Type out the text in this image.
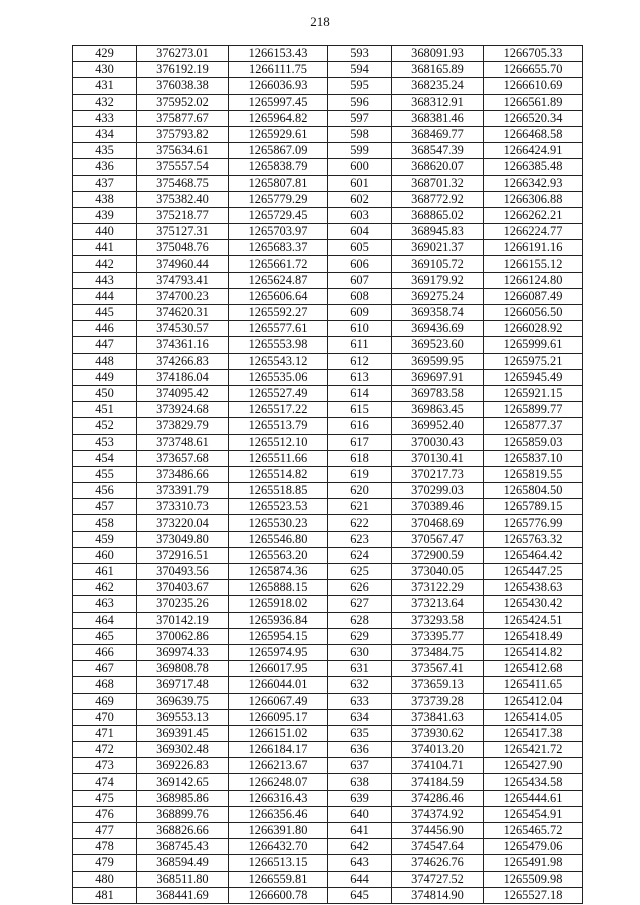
218
429	376273.01	1266153.43	593	368091.93	1266705.33
430	376192.19	1266111.75	594	368165.89	1266655.70
431	376038.38	1266036.93	595	368235.24	1266610.69
432	375952.02	1265997.45	596	368312.91	1266561.89
433	375877.67	1265964.82	597	368381.46	1266520.34
434	375793.82	1265929.61	598	368469.77	1266468.58
435	375634.61	1265867.09	599	368547.39	1266424.91
436	375557.54	1265838.79	600	368620.07	1266385.48
437	375468.75	1265807.81	601	368701.32	1266342.93
438	375382.40	1265779.29	602	368772.92	1266306.88
439	375218.77	1265729.45	603	368865.02	1266262.21
440	375127.31	1265703.97	604	368945.83	1266224.77
441	375048.76	1265683.37	605	369021.37	1266191.16
442	374960.44	1265661.72	606	369105.72	1266155.12
443	374793.41	1265624.87	607	369179.92	1266124.80
444	374700.23	1265606.64	608	369275.24	1266087.49
445	374620.31	1265592.27	609	369358.74	1266056.50
446	374530.57	1265577.61	610	369436.69	1266028.92
447	374361.16	1265553.98	611	369523.60	1265999.61
448	374266.83	1265543.12	612	369599.95	1265975.21
449	374186.04	1265535.06	613	369697.91	1265945.49
450	374095.42	1265527.49	614	369783.58	1265921.15
451	373924.68	1265517.22	615	369863.45	1265899.77
452	373829.79	1265513.79	616	369952.40	1265877.37
453	373748.61	1265512.10	617	370030.43	1265859.03
454	373657.68	1265511.66	618	370130.41	1265837.10
455	373486.66	1265514.82	619	370217.73	1265819.55
456	373391.79	1265518.85	620	370299.03	1265804.50
457	373310.73	1265523.53	621	370389.46	1265789.15
458	373220.04	1265530.23	622	370468.69	1265776.99
459	373049.80	1265546.80	623	370567.47	1265763.32
460	372916.51	1265563.20	624	372900.59	1265464.42
461	370493.56	1265874.36	625	373040.05	1265447.25
462	370403.67	1265888.15	626	373122.29	1265438.63
463	370235.26	1265918.02	627	373213.64	1265430.42
464	370142.19	1265936.84	628	373293.58	1265424.51
465	370062.86	1265954.15	629	373395.77	1265418.49
466	369974.33	1265974.95	630	373484.75	1265414.82
467	369808.78	1266017.95	631	373567.41	1265412.68
468	369717.48	1266044.01	632	373659.13	1265411.65
469	369639.75	1266067.49	633	373739.28	1265412.04
470	369553.13	1266095.17	634	373841.63	1265414.05
471	369391.45	1266151.02	635	373930.62	1265417.38
472	369302.48	1266184.17	636	374013.20	1265421.72
473	369226.83	1266213.67	637	374104.71	1265427.90
474	369142.65	1266248.07	638	374184.59	1265434.58
475	368985.86	1266316.43	639	374286.46	1265444.61
476	368899.76	1266356.46	640	374374.92	1265454.91
477	368826.66	1266391.80	641	374456.90	1265465.72
478	368745.43	1266432.70	642	374547.64	1265479.06
479	368594.49	1266513.15	643	374626.76	1265491.98
480	368511.80	1266559.81	644	374727.52	1265509.98
481	368441.69	1266600.78	645	374814.90	1265527.18
